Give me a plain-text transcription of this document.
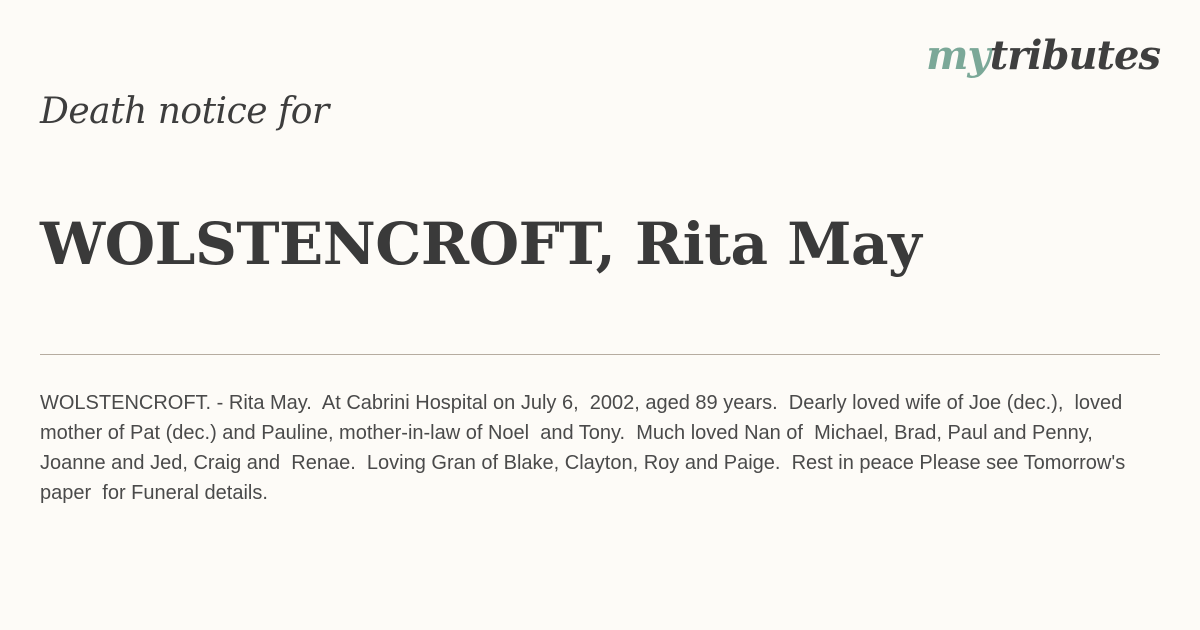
mytributes
Death notice for
WOLSTENCROFT, Rita May

WOLSTENCROFT. - Rita May.  At Cabrini Hospital on July 6,  2002, aged 89 years.  Dearly loved wife of Joe (dec.),  loved mother of Pat (dec.) and Pauline, mother-in-law of Noel  and Tony.  Much loved Nan of  Michael, Brad, Paul and Penny,  Joanne and Jed, Craig and  Renae.  Loving Gran of Blake, Clayton, Roy and Paige.  Rest in peace Please see Tomorrow's paper  for Funeral details.
